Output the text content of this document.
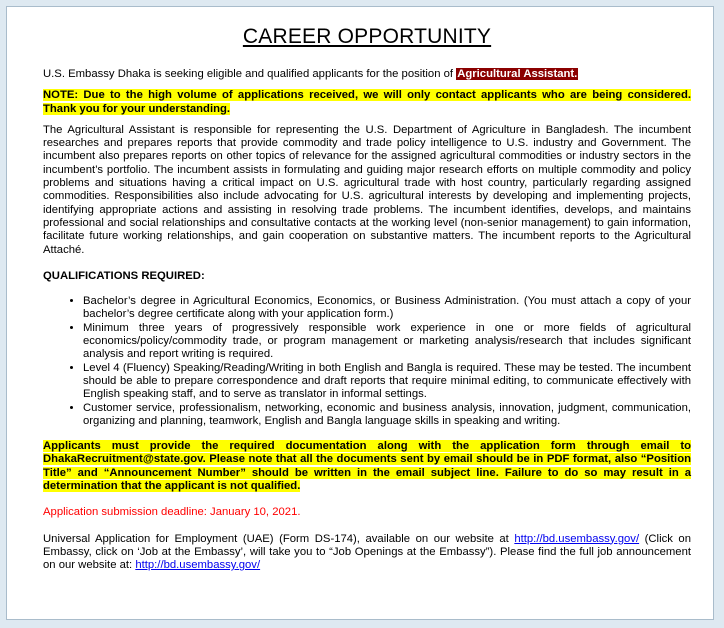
CAREER OPPORTUNITY

U.S. Embassy Dhaka is seeking eligible and qualified applicants for the position of Agricultural Assistant.

NOTE: Due to the high volume of applications received, we will only contact applicants who are being considered. Thank you for your understanding.

The Agricultural Assistant is responsible for representing the U.S. Department of Agriculture in Bangladesh. The incumbent researches and prepares reports that provide commodity and trade policy intelligence to U.S. industry and Government. The incumbent also prepares reports on other topics of relevance for the assigned agricultural commodities or industry sectors in the incumbent’s portfolio. The incumbent assists in formulating and guiding major research efforts on multiple commodity and policy problems and situations having a critical impact on U.S. agricultural trade with host country, particularly regarding assigned commodities. Responsibilities also include advocating for U.S. agricultural interests by developing and implementing projects, identifying appropriate actions and assisting in resolving trade problems. The incumbent identifies, develops, and maintains professional and social relationships and consultative contacts at the working level (non-senior management) to gain information, facilitate future working relationships, and gain cooperation on substantive matters. The incumbent reports to the Agricultural Attaché.

QUALIFICATIONS REQUIRED:
• Bachelor’s degree in Agricultural Economics, Economics, or Business Administration. (You must attach a copy of your bachelor’s degree certificate along with your application form.)
• Minimum three years of progressively responsible work experience in one or more fields of agricultural economics/policy/commodity trade, or program management or marketing analysis/research that includes significant analysis and report writing is required.
• Level 4 (Fluency) Speaking/Reading/Writing in both English and Bangla is required. These may be tested. The incumbent should be able to prepare correspondence and draft reports that require minimal editing, to communicate effectively with English speaking staff, and to serve as translator in informal settings.
• Customer service, professionalism, networking, economic and business analysis, innovation, judgment, communication, organizing and planning, teamwork, English and Bangla language skills in speaking and writing.

Applicants must provide the required documentation along with the application form through email to DhakaRecruitment@state.gov. Please note that all the documents sent by email should be in PDF format, also “Position Title” and “Announcement Number” should be written in the email subject line. Failure to do so may result in a determination that the applicant is not qualified.

Application submission deadline: January 10, 2021.

Universal Application for Employment (UAE) (Form DS-174), available on our website at http://bd.usembassy.gov/ (Click on Embassy, click on ‘Job at the Embassy’, will take you to “Job Openings at the Embassy”). Please find the full job announcement on our website at: http://bd.usembassy.gov/
